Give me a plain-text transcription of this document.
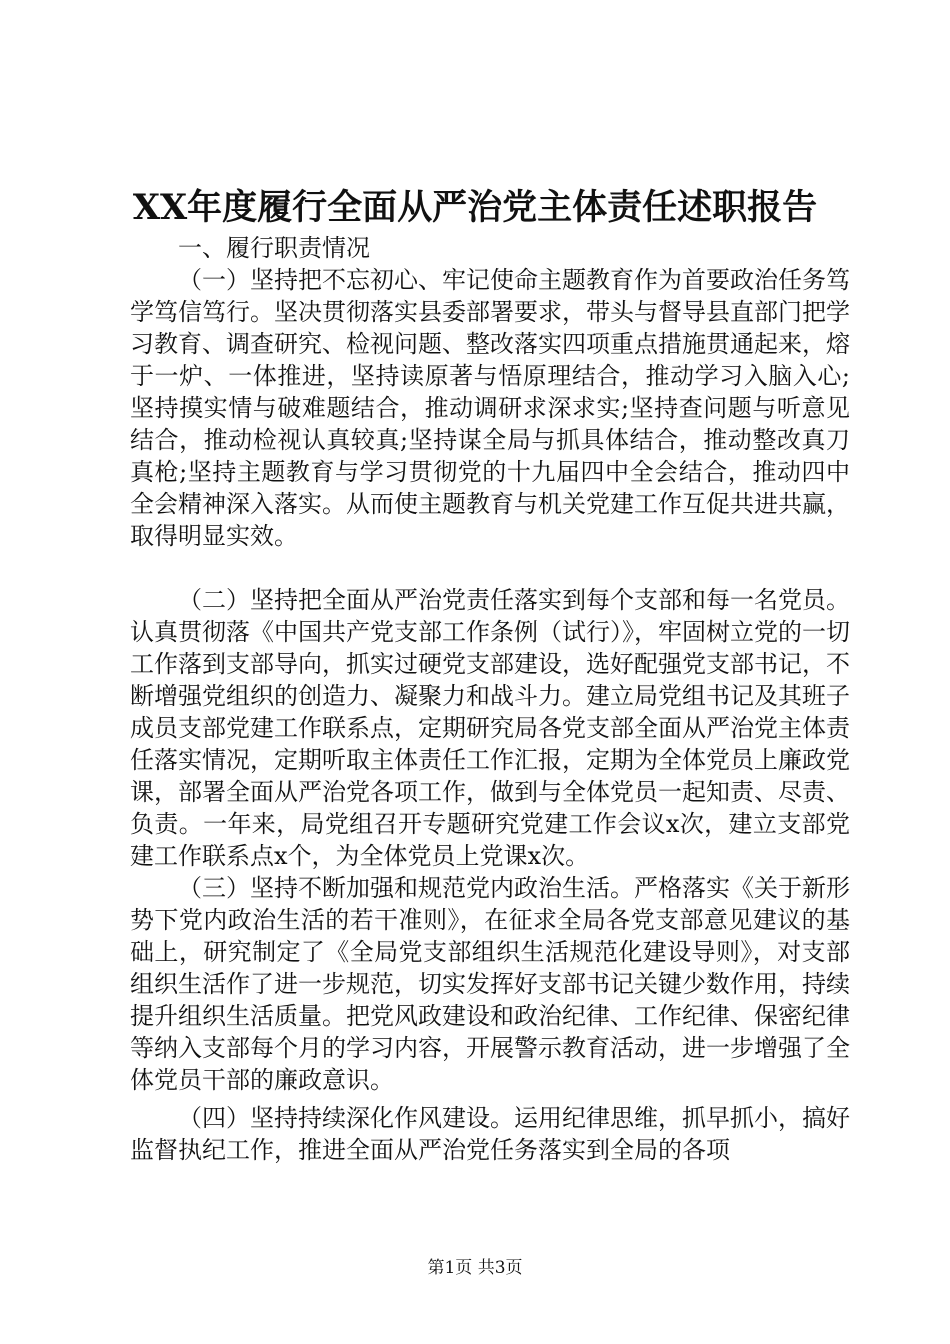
XX年度履行全面从严治党主体责任述职报告

一、履行职责情况

（一）坚持把不忘初心、牢记使命主题教育作为首要政治任务笃学笃信笃行。坚决贯彻落实县委部署要求，带头与督导县直部门把学习教育、调查研究、检视问题、整改落实四项重点措施贯通起来，熔于一炉、一体推进，坚持读原著与悟原理结合，推动学习入脑入心;坚持摸实情与破难题结合，推动调研求深求实;坚持查问题与听意见结合，推动检视认真较真;坚持谋全局与抓具体结合，推动整改真刀真枪;坚持主题教育与学习贯彻党的十九届四中全会结合，推动四中全会精神深入落实。从而使主题教育与机关党建工作互促共进共赢，取得明显实效。

（二）坚持把全面从严治党责任落实到每个支部和每一名党员。认真贯彻落《中国共产党支部工作条例（试行）》，牢固树立党的一切工作落到支部导向，抓实过硬党支部建设，选好配强党支部书记，不断增强党组织的创造力、凝聚力和战斗力。建立局党组书记及其班子成员支部党建工作联系点，定期研究局各党支部全面从严治党主体责任落实情况，定期听取主体责任工作汇报，定期为全体党员上廉政党课，部署全面从严治党各项工作，做到与全体党员一起知责、尽责、负责。一年来，局党组召开专题研究党建工作会议x次，建立支部党建工作联系点x个，为全体党员上党课x次。

（三）坚持不断加强和规范党内政治生活。严格落实《关于新形势下党内政治生活的若干准则》，在征求全局各党支部意见建议的基础上，研究制定了《全局党支部组织生活规范化建设导则》，对支部组织生活作了进一步规范，切实发挥好支部书记关键少数作用，持续提升组织生活质量。把党风政建设和政治纪律、工作纪律、保密纪律等纳入支部每个月的学习内容，开展警示教育活动，进一步增强了全体党员干部的廉政意识。

（四）坚持持续深化作风建设。运用纪律思维，抓早抓小，搞好监督执纪工作，推进全面从严治党任务落实到全局的各项

第1页 共3页
